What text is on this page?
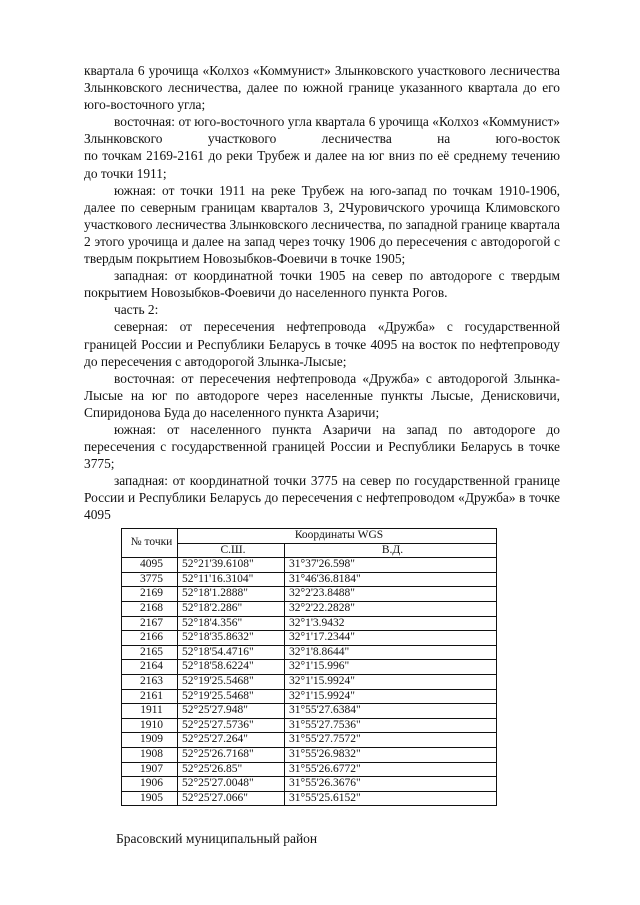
квартала 6 урочища «Колхоз «Коммунист» Злынковского участкового лесничества Злынковского лесничества, далее по южной границе указанного квартала до его юго-восточного угла;

восточная: от юго-восточного угла квартала 6 урочища «Колхоз «Коммунист» Злынковского участкового лесничества на юго-восток

по точкам 2169-2161 до реки Трубеж и далее на юг вниз по её среднему течению до точки 1911;

южная: от точки 1911 на реке Трубеж на юго-запад по точкам 1910-1906, далее по северным границам кварталов 3, 2Чуровичского урочища Климовского участкового лесничества Злынковского лесничества, по западной границе квартала 2 этого урочища и далее на запад через точку 1906 до пересечения с автодорогой с твердым покрытием Новозыбков-Фоевичи в точке 1905;

западная: от координатной точки 1905 на север по автодороге с твердым покрытием Новозыбков-Фоевичи до населенного пункта Рогов.

часть 2:

северная: от пересечения нефтепровода «Дружба» с государственной границей России и Республики Беларусь в точке 4095 на восток по нефтепроводу до пересечения с автодорогой Злынка-Лысые;

восточная: от пересечения нефтепровода «Дружба» с автодорогой Злынка-Лысые на юг по автодороге через населенные пункты Лысые, Денисковичи, Спиридонова Буда до населенного пункта Азаричи;

южная: от населенного пункта Азаричи на запад по автодороге до пересечения с государственной границей России и Республики Беларусь в точке 3775;

западная: от координатной точки 3775 на север по государственной границе России и Республики Беларусь до пересечения с нефтепроводом «Дружба» в точке 4095

№ точки	Координаты WGS	
	С.Ш.	В.Д.
4095	52°21'39.6108"	31°37'26.598"
3775	52°11'16.3104"	31°46'36.8184"
2169	52°18'1.2888"	32°2'23.8488"
2168	52°18'2.286"	32°2'22.2828"
2167	52°18'4.356"	32°1'3.9432
2166	52°18'35.8632"	32°1'17.2344"
2165	52°18'54.4716"	32°1'8.8644"
2164	52°18'58.6224"	32°1'15.996"
2163	52°19'25.5468"	32°1'15.9924"
2161	52°19'25.5468"	32°1'15.9924"
1911	52°25'27.948"	31°55'27.6384"
1910	52°25'27.5736"	31°55'27.7536"
1909	52°25'27.264"	31°55'27.7572"
1908	52°25'26.7168"	31°55'26.9832"
1907	52°25'26.85"	31°55'26.6772"
1906	52°25'27.0048"	31°55'26.3676"
1905	52°25'27.066"	31°55'25.6152"

Брасовский муниципальный район
